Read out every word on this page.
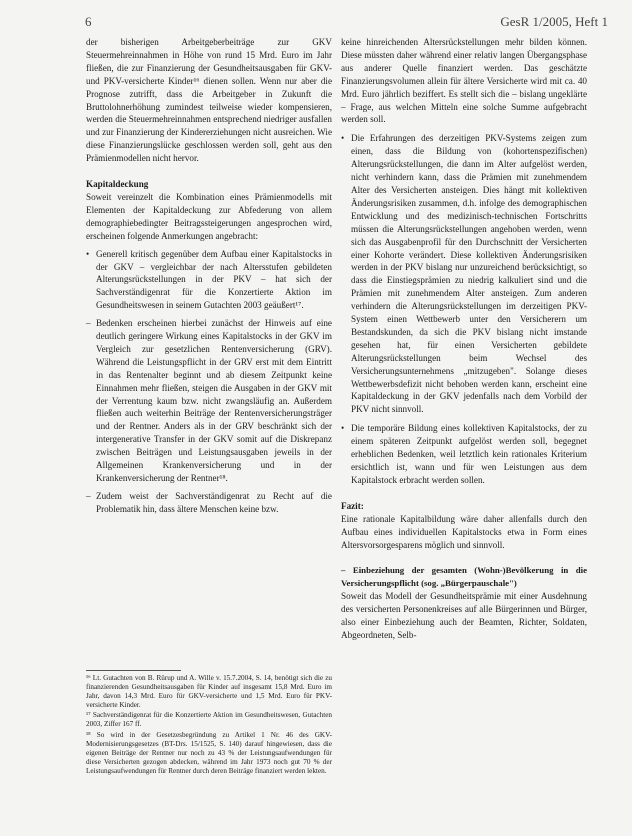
6	GesR 1/2005, Heft 1

der bisherigen Arbeitgeberbeiträge zur GKV Steuermehreinnahmen in Höhe von rund 15 Mrd. Euro im Jahr fließen, die zur Finanzierung der Gesundheitsausgaben für GKV- und PKV-versicherte Kinder¹⁶ dienen sollen. Wenn nur aber die Prognose zutrifft, dass die Arbeitgeber in Zukunft die Bruttolohnerhöhung zumindest teilweise wieder kompensieren, werden die Steuermehreinnahmen entsprechend niedriger ausfallen und zur Finanzierung der Kindererziehungen nicht ausreichen. Wie diese Finanzierungslücke geschlossen werden soll, geht aus den Prämienmodellen nicht hervor.

Kapitaldeckung

Soweit vereinzelt die Kombination eines Prämienmodells mit Elementen der Kapitaldeckung zur Abfederung von allem demographiebedingter Beitragssteigerungen angesprochen wird, erscheinen folgende Anmerkungen angebracht:

• Generell kritisch gegenüber dem Aufbau einer Kapitalstocks in der GKV – vergleichbar der nach Altersstufen gebildeten Alterungsrückstellungen in der PKV – hat sich der Sachverständigenrat für die Konzertierte Aktion im Gesundheitswesen in seinem Gutachten 2003 geäußert¹⁷.
– Bedenken erscheinen hierbei zunächst der Hinweis auf eine deutlich geringere Wirkung eines Kapitalstocks in der GKV im Vergleich zur gesetzlichen Rentenversicherung (GRV). Während die Leistungspflicht in der GRV erst mit dem Eintritt in das Rentenalter beginnt und ab diesem Zeitpunkt keine Einnahmen mehr fließen, steigen die Ausgaben in der GKV mit der Verrentung kaum bzw. nicht zwangsläufig an. Außerdem fließen auch weiterhin Beiträge der Rentenversicherungsträger und der Rentner. Anders als in der GRV beschränkt sich der intergenerative Transfer in der GKV somit auf die Diskrepanz zwischen Beiträgen und Leistungsausgaben jeweils in der Allgemeinen Krankenversicherung und in der Krankenversicherung der Rentner¹⁸.
– Zudem weist der Sachverständigenrat zu Recht auf die Problematik hin, dass ältere Menschen keine bzw.

¹⁶ Lt. Gutachten von B. Rürup und A. Wille v. 15.7.2004, S. 14, benötigt sich die zu finanzierenden Gesundheitsausgaben für Kinder auf insgesamt 15,8 Mrd. Euro im Jahr, davon 14,3 Mrd. Euro für GKV-versicherte und 1,5 Mrd. Euro für PKV-versicherte Kinder.

¹⁷ Sachverständigenrat für die Konzertierte Aktion im Gesundheitswesen, Gutachten 2003, Ziffer 167 ff.

¹⁸ So wird in der Gesetzesbegründung zu Artikel 1 Nr. 46 des GKV-Modernisierungsgesetzes (BT-Drs. 15/1525, S. 140) darauf hingewiesen, dass die eigenen Beiträge der Rentner nur noch zu 43 % der Leistungsaufwendungen für diese Versicherten gezogen abdecken, während im Jahr 1973 noch gut 70 % der Leistungsaufwendungen für Rentner durch deren Beiträge finanziert werden lekten.

keine hinreichenden Altersrückstellungen mehr bilden können. Diese müssten daher während einer relativ langen Übergangsphase aus anderer Quelle finanziert werden. Das geschätzte Finanzierungsvolumen allein für ältere Versicherte wird mit ca. 40 Mrd. Euro jährlich beziffert. Es stellt sich die – bislang ungeklärte – Frage, aus welchen Mitteln eine solche Summe aufgebracht werden soll.

• Die Erfahrungen des derzeitigen PKV-Systems zeigen zum einen, dass die Bildung von (kohortenspezifischen) Alterungsrückstellungen, die dann im Alter aufgelöst werden, nicht verhindern kann, dass die Prämien mit zunehmendem Alter des Versicherten ansteigen. Dies hängt mit kollektiven Änderungsrisiken zusammen, d.h. infolge des demographischen Entwicklung und des medizinisch-technischen Fortschritts müssen die Alterungsrückstellungen angehoben werden, wenn sich das Ausgabenprofil für den Durchschnitt der Versicherten einer Kohorte verändert. Diese kollektiven Änderungsrisiken werden in der PKV bislang nur unzureichend berücksichtigt, so dass die Einstiegsprämien zu niedrig kalkuliert sind und die Prämien mit zunehmendem Alter ansteigen. Zum anderen verhindern die Alterungsrückstellungen im derzeitigen PKV-System einen Wettbewerb unter den Versicherern um Bestandskunden, da sich die PKV bislang nicht imstande gesehen hat, für einen Versicherten gebildete Alterungsrückstellungen beim Wechsel des Versicherungsunternehmens „mitzugeben". Solange dieses Wettbewerbsdefizit nicht behoben werden kann, erscheint eine Kapitaldeckung in der GKV jedenfalls nach dem Vorbild der PKV nicht sinnvoll.
• Die temporäre Bildung eines kollektiven Kapitalstocks, der zu einem späteren Zeitpunkt aufgelöst werden soll, begegnet erheblichen Bedenken, weil letztlich kein rationales Kriterium ersichtlich ist, wann und für wen Leistungen aus dem Kapitalstock erbracht werden sollen.

Fazit:

Eine rationale Kapitalbildung wäre daher allenfalls durch den Aufbau eines individuellen Kapitalstocks etwa in Form eines Altersvorsorgesparens möglich und sinnvoll.

– Einbeziehung der gesamten (Wohn-)Bevölkerung in die Versicherungspflicht (sog. „Bürgerpauschale")

Soweit das Modell der Gesundheitsprämie mit einer Ausdehnung des versicherten Personenkreises auf alle Bürgerinnen und Bürger, also einer Einbeziehung auch der Beamten, Richter, Soldaten, Abgeordneten, Selb-
